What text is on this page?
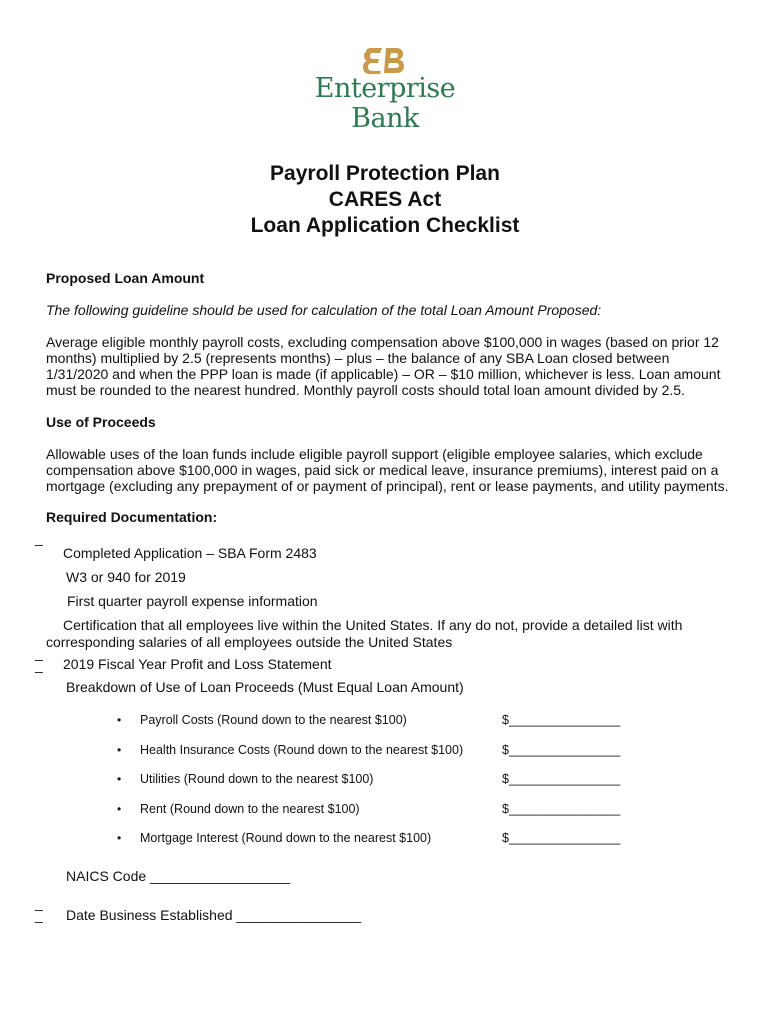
Enterprise
Bank
Payroll Protection Plan
CARES Act
Loan Application Checklist
Proposed Loan Amount
The following guideline should be used for calculation of the total Loan Amount Proposed:
Average eligible monthly payroll costs, excluding compensation above $100,000 in wages (based on prior 12
months) multiplied by 2.5 (represents months) – plus – the balance of any SBA Loan closed between
1/31/2020 and when the PPP loan is made (if applicable) – OR – $10 million, whichever is less. Loan amount
must be rounded to the nearest hundred. Monthly payroll costs should total loan amount divided by 2.5.
Use of Proceeds
Allowable uses of the loan funds include eligible payroll support (eligible employee salaries, which exclude
compensation above $100,000 in wages, paid sick or medical leave, insurance premiums), interest paid on a
mortgage (excluding any prepayment of or payment of principal), rent or lease payments, and utility payments.
Required Documentation:
_
Completed Application – SBA Form 2483
W3 or 940 for 2019
First quarter payroll expense information
Certification that all employees live within the United States. If any do not, provide a detailed list with
corresponding salaries of all employees outside the United States
_
_ 2019 Fiscal Year Profit and Loss Statement
Breakdown of Use of Loan Proceeds (Must Equal Loan Amount)
• Payroll Costs (Round down to the nearest $100)	$________________
• Health Insurance Costs (Round down to the nearest $100)	$________________
• Utilities (Round down to the nearest $100)	$________________
• Rent (Round down to the nearest $100)	$________________
• Mortgage Interest (Round down to the nearest $100)	$________________
NAICS Code __________________
_
_ Date Business Established ________________
